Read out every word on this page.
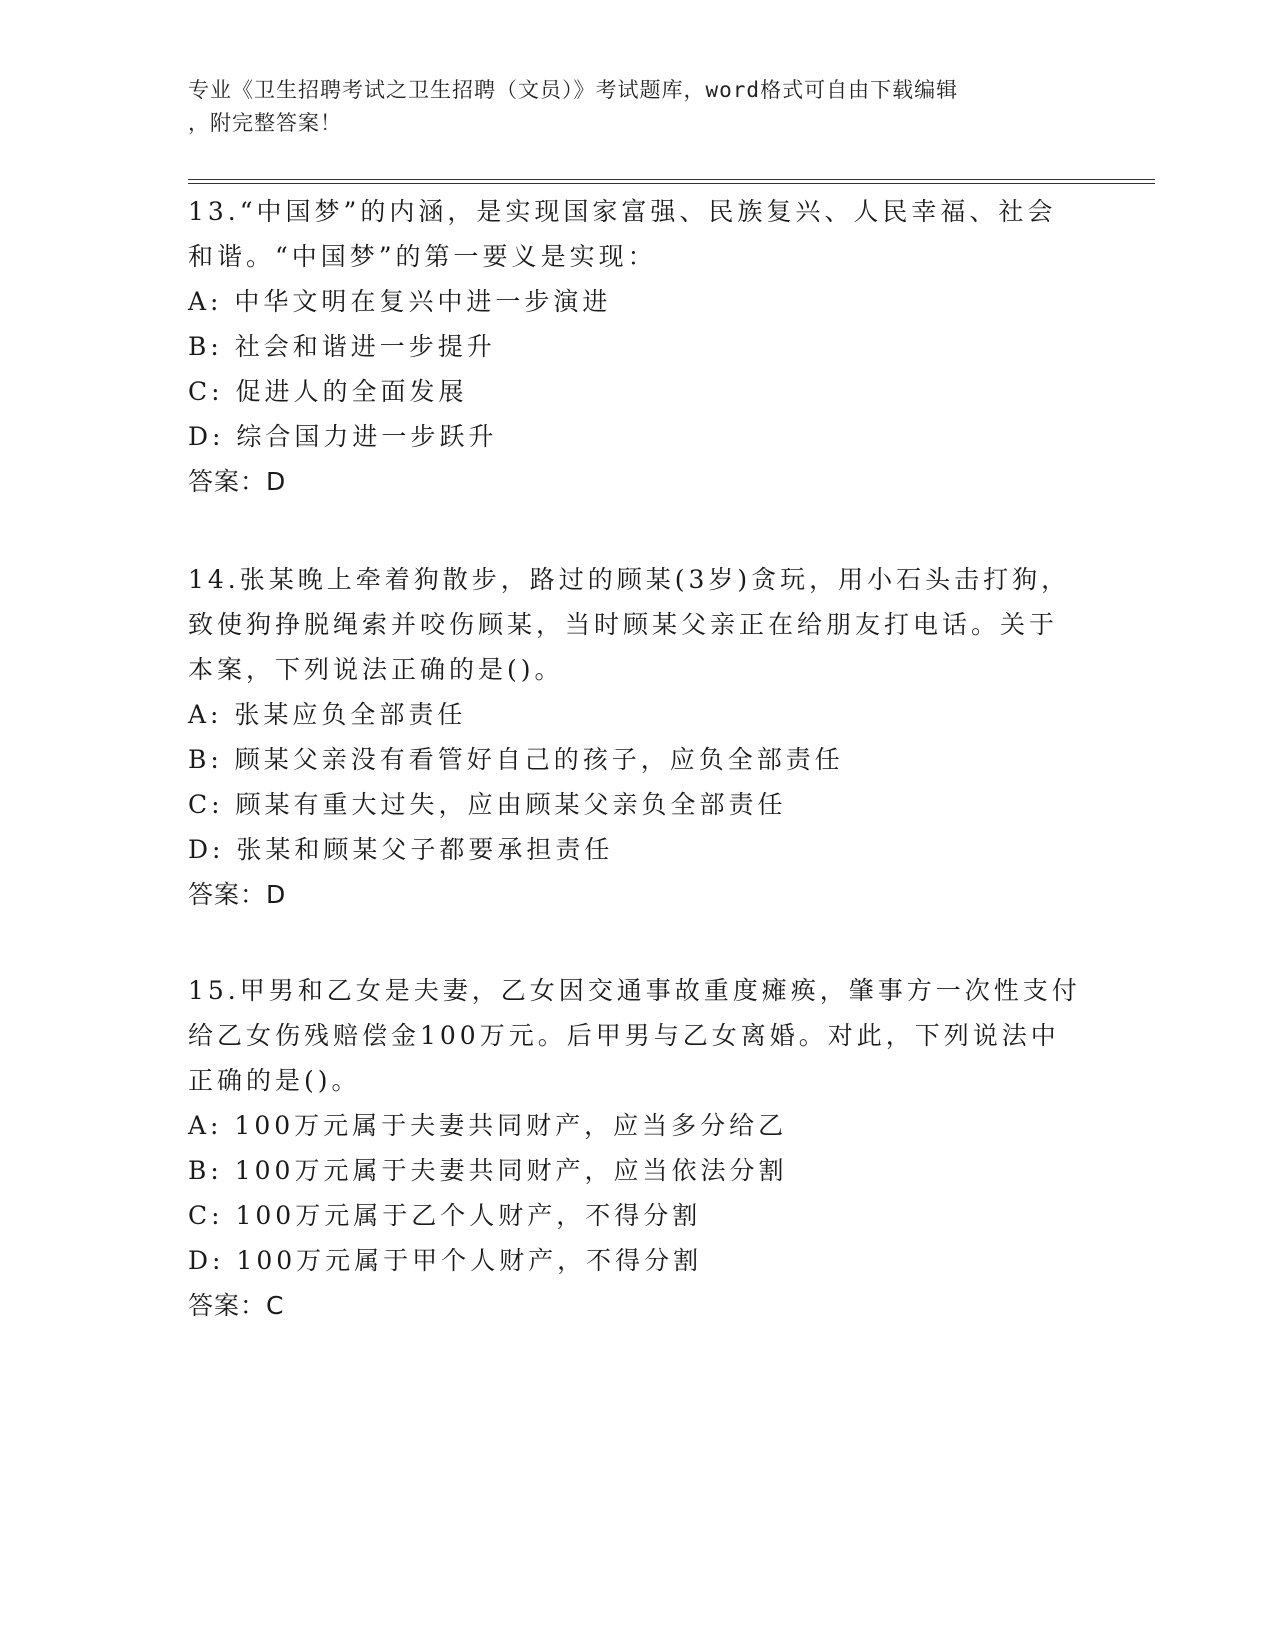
专业《卫生招聘考试之卫生招聘（文员）》考试题库，word格式可自由下载编辑
，附完整答案！
13.“中国梦”的内涵，是实现国家富强、民族复兴、人民幸福、社会
和谐。“中国梦”的第一要义是实现：
A: 中华文明在复兴中进一步演进
B: 社会和谐进一步提升
C: 促进人的全面发展
D: 综合国力进一步跃升
答案：D
14.张某晚上牵着狗散步，路过的顾某(3岁)贪玩，用小石头击打狗，
致使狗挣脱绳索并咬伤顾某，当时顾某父亲正在给朋友打电话。关于
本案，下列说法正确的是()。
A: 张某应负全部责任
B: 顾某父亲没有看管好自己的孩子，应负全部责任
C: 顾某有重大过失，应由顾某父亲负全部责任
D: 张某和顾某父子都要承担责任
答案：D
15.甲男和乙女是夫妻，乙女因交通事故重度瘫痪，肇事方一次性支付
给乙女伤残赔偿金100万元。后甲男与乙女离婚。对此，下列说法中
正确的是()。
A: 100万元属于夫妻共同财产，应当多分给乙
B: 100万元属于夫妻共同财产，应当依法分割
C: 100万元属于乙个人财产，不得分割
D: 100万元属于甲个人财产，不得分割
答案：C
